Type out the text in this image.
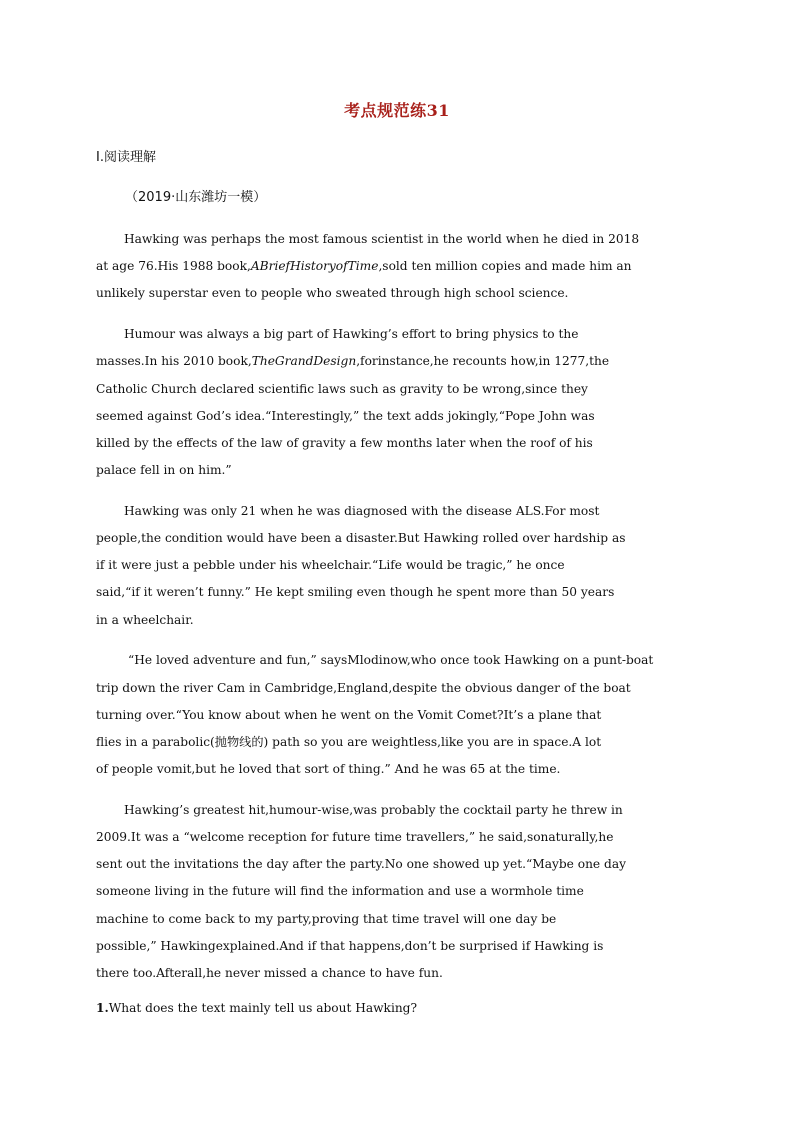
考点规范练31
Ⅰ.阅读理解
（2019·山东潍坊一模）
Hawking was perhaps the most famous scientist in the world when he died in 2018
at age 76.His 1988 book,ABriefHistoryofTime,sold ten million copies and made him an
unlikely superstar even to people who sweated through high school science.
Humour was always a big part of Hawking’s effort to bring physics to the
masses.In his 2010 book,TheGrandDesign,forinstance,he recounts how,in 1277,the
Catholic Church declared scientific laws such as gravity to be wrong,since they
seemed against God’s idea.“Interestingly,” the text adds jokingly,“Pope John was
killed by the effects of the law of gravity a few months later when the roof of his
palace fell in on him.”
Hawking was only 21 when he was diagnosed with the disease ALS.For most
people,the condition would have been a disaster.But Hawking rolled over hardship as
if it were just a pebble under his wheelchair.“Life would be tragic,” he once
said,“if it weren’t funny.” He kept smiling even though he spent more than 50 years
in a wheelchair.
“He loved adventure and fun,” saysMlodinow,who once took Hawking on a punt-boat
trip down the river Cam in Cambridge,England,despite the obvious danger of the boat
turning over.“You know about when he went on the Vomit Comet?It’s a plane that
flies in a parabolic(抛物线的) path so you are weightless,like you are in space.A lot
of people vomit,but he loved that sort of thing.” And he was 65 at the time.
Hawking’s greatest hit,humour-wise,was probably the cocktail party he threw in
2009.It was a “welcome reception for future time travellers,” he said,sonaturally,he
sent out the invitations the day after the party.No one showed up yet.“Maybe one day
someone living in the future will find the information and use a wormhole time
machine to come back to my party,proving that time travel will one day be
possible,” Hawkingexplained.And if that happens,don’t be surprised if Hawking is
there too.Afterall,he never missed a chance to have fun.
1.What does the text mainly tell us about Hawking?
